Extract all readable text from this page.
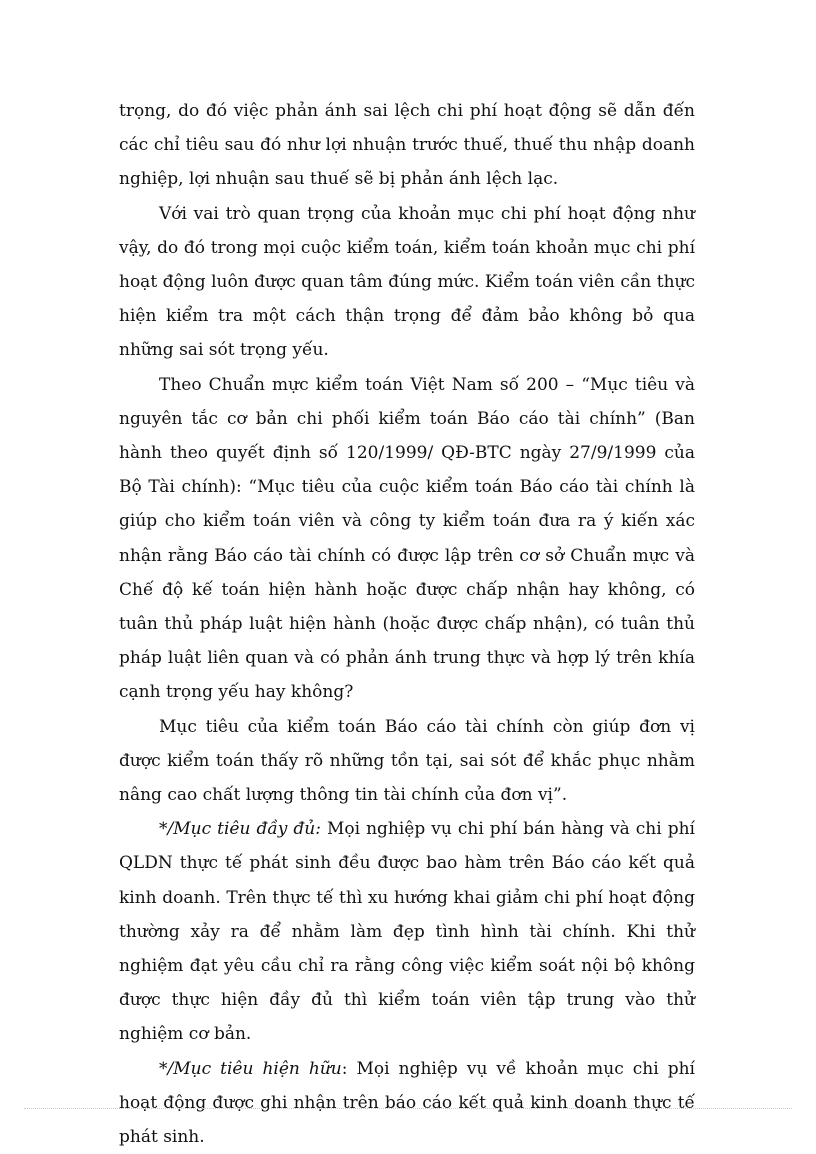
trọng, do đó việc phản ánh sai lệch chi phí hoạt động sẽ dẫn đến các chỉ tiêu sau đó như lợi nhuận trước thuế, thuế thu nhập doanh nghiệp, lợi nhuận sau thuế sẽ bị phản ánh lệch lạc.

Với vai trò quan trọng của khoản mục chi phí hoạt động như vậy, do đó trong mọi cuộc kiểm toán, kiểm toán khoản mục chi phí hoạt động luôn được quan tâm đúng mức. Kiểm toán viên cần thực hiện kiểm tra một cách thận trọng để đảm bảo không bỏ qua những sai sót trọng yếu.

Theo Chuẩn mực kiểm toán Việt Nam số 200 – “Mục tiêu và nguyên tắc cơ bản chi phối kiểm toán Báo cáo tài chính” (Ban hành theo quyết định số 120/1999/ QĐ-BTC ngày 27/9/1999 của Bộ Tài chính): “Mục tiêu của cuộc kiểm toán Báo cáo tài chính là giúp cho kiểm toán viên và công ty kiểm toán đưa ra ý kiến xác nhận rằng Báo cáo tài chính có được lập trên cơ sở Chuẩn mực và Chế độ kế toán hiện hành hoặc được chấp nhận hay không, có tuân thủ pháp luật hiện hành (hoặc được chấp nhận), có tuân thủ pháp luật liên quan và có phản ánh trung thực và hợp lý trên khía cạnh trọng yếu hay không?

Mục tiêu của kiểm toán Báo cáo tài chính còn giúp đơn vị được kiểm toán thấy rõ những tồn tại, sai sót để khắc phục nhằm nâng cao chất lượng thông tin tài chính của đơn vị”.

*/Mục tiêu đầy đủ: Mọi nghiệp vụ chi phí bán hàng và chi phí QLDN thực tế phát sinh đều được bao hàm trên Báo cáo kết quả kinh doanh. Trên thực tế thì xu hướng khai giảm chi phí hoạt động thường xảy ra để nhằm làm đẹp tình hình tài chính. Khi thử nghiệm đạt yêu cầu chỉ ra rằng công việc kiểm soát nội bộ không được thực hiện đầy đủ thì kiểm toán viên tập trung vào thử nghiệm cơ bản.

*/Mục tiêu hiện hữu: Mọi nghiệp vụ về khoản mục chi phí hoạt động được ghi nhận trên báo cáo kết quả kinh doanh thực tế phát sinh.
